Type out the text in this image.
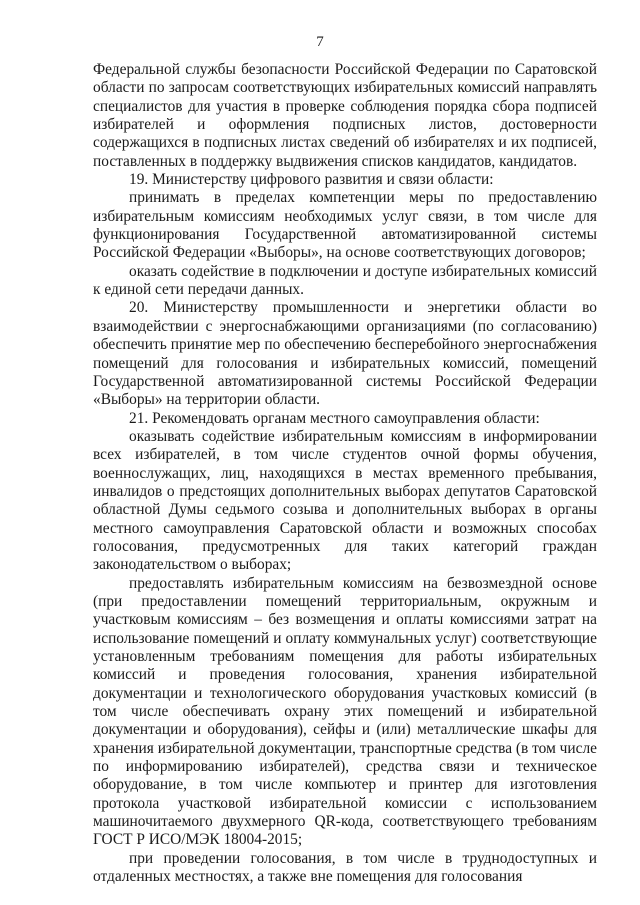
7

Федеральной службы безопасности Российской Федерации по Саратовской области по запросам соответствующих избирательных комиссий направлять специалистов для участия в проверке соблюдения порядка сбора подписей избирателей и оформления подписных листов, достоверности содержащихся в подписных листах сведений об избирателях и их подписей, поставленных в поддержку выдвижения списков кандидатов, кандидатов.

19. Министерству цифрового развития и связи области:

принимать в пределах компетенции меры по предоставлению избирательным комиссиям необходимых услуг связи, в том числе для функционирования Государственной автоматизированной системы Российской Федерации «Выборы», на основе соответствующих договоров;

оказать содействие в подключении и доступе избирательных комиссий к единой сети передачи данных.

20. Министерству промышленности и энергетики области во взаимодействии с энергоснабжающими организациями (по согласованию) обеспечить принятие мер по обеспечению бесперебойного энергоснабжения помещений для голосования и избирательных комиссий, помещений Государственной автоматизированной системы Российской Федерации «Выборы» на территории области.

21. Рекомендовать органам местного самоуправления области:

оказывать содействие избирательным комиссиям в информировании всех избирателей, в том числе студентов очной формы обучения, военнослужащих, лиц, находящихся в местах временного пребывания, инвалидов о предстоящих дополнительных выборах депутатов Саратовской областной Думы седьмого созыва и дополнительных выборах в органы местного самоуправления Саратовской области и возможных способах голосования, предусмотренных для таких категорий граждан законодательством о выборах;

предоставлять избирательным комиссиям на безвозмездной основе (при предоставлении помещений территориальным, окружным и участковым комиссиям – без возмещения и оплаты комиссиями затрат на использование помещений и оплату коммунальных услуг) соответствующие установленным требованиям помещения для работы избирательных комиссий и проведения голосования, хранения избирательной документации и технологического оборудования участковых комиссий (в том числе обеспечивать охрану этих помещений и избирательной документации и оборудования), сейфы и (или) металлические шкафы для хранения избирательной документации, транспортные средства (в том числе по информированию избирателей), средства связи и техническое оборудование, в том числе компьютер и принтер для изготовления протокола участковой избирательной комиссии с использованием машиночитаемого двухмерного QR-кода, соответствующего требованиям ГОСТ Р ИСО/МЭК 18004-2015;

при проведении голосования, в том числе в труднодоступных и отдаленных местностях, а также вне помещения для голосования
